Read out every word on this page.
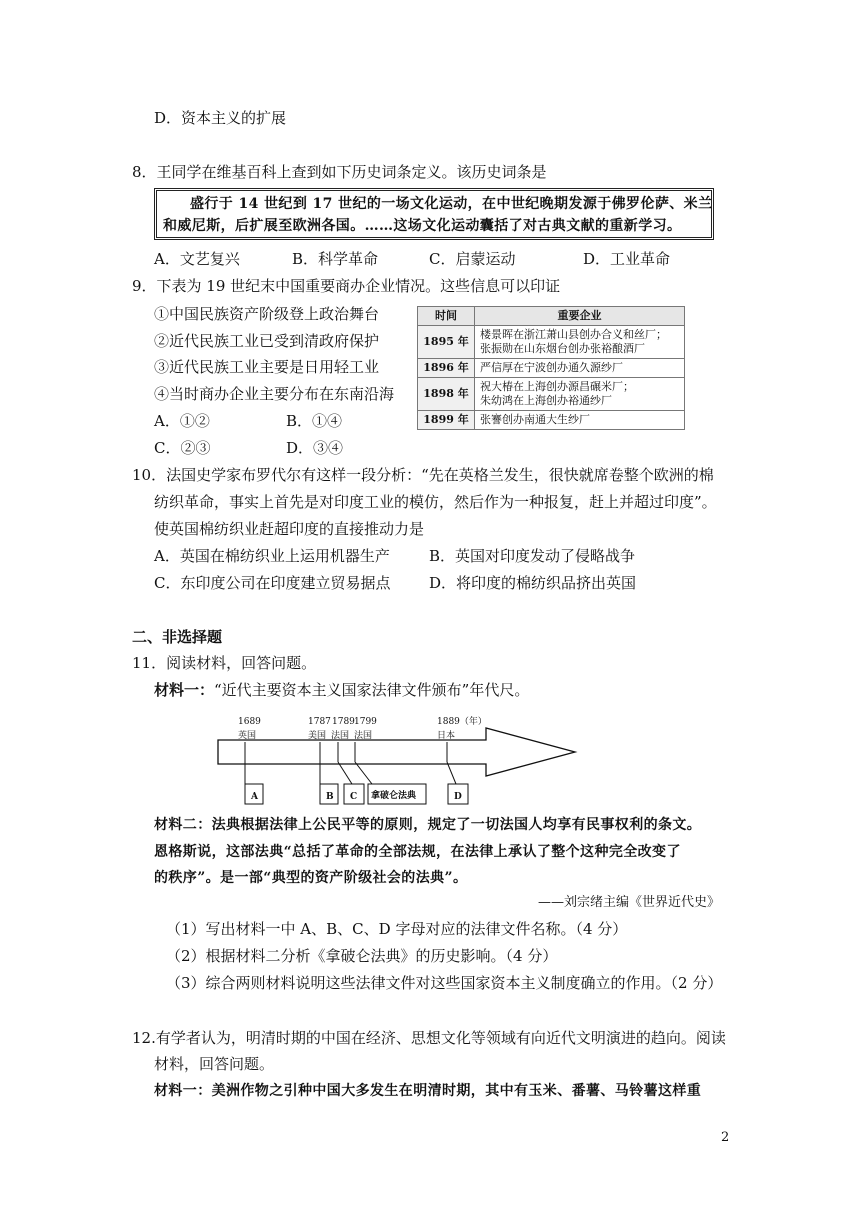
D．资本主义的扩展
8．王同学在维基百科上查到如下历史词条定义。该历史词条是
盛行于 14 世纪到 17 世纪的一场文化运动，在中世纪晚期发源于佛罗伦萨、米兰
和威尼斯，后扩展至欧洲各国。……这场文化运动囊括了对古典文献的重新学习。
A．文艺复兴	B．科学革命	C．启蒙运动	D．工业革命
9．下表为 19 世纪末中国重要商办企业情况。这些信息可以印证
①中国民族资产阶级登上政治舞台
②近代民族工业已受到清政府保护
③近代民族工业主要是日用轻工业
④当时商办企业主要分布在东南沿海
A．①②	B．①④
C．②③	D．③④
时间	重要企业
1895 年	楼景晖在浙江萧山县创办合义和丝厂；
张振勋在山东烟台创办张裕酿酒厂

1896 年	严信厚在宁波创办通久源纱厂

1898 年	祝大椿在上海创办源昌碾米厂；
朱幼鸿在上海创办裕通纱厂

1899 年	张謇创办南通大生纱厂
10．法国史学家布罗代尔有这样一段分析：“先在英格兰发生，很快就席卷整个欧洲的棉
纺织革命，事实上首先是对印度工业的模仿，然后作为一种报复，赶上并超过印度”。
使英国棉纺织业赶超印度的直接推动力是
A．英国在棉纺织业上运用机器生产	B．英国对印度发动了侵略战争
C．东印度公司在印度建立贸易据点	D．将印度的棉纺织品挤出英国
二、非选择题
11．阅读材料，回答问题。
材料一：“近代主要资本主义国家法律文件颁布”年代尺。
1689	1787 1789 1799	1889（年）
英国	美国 法国 法国	日本
A	B C 拿破仑法典	D
材料二：法典根据法律上公民平等的原则，规定了一切法国人均享有民事权利的条文。
恩格斯说，这部法典“总括了革命的全部法规，在法律上承认了整个这种完全改变了
的秩序”。是一部“典型的资产阶级社会的法典”。
——刘宗绪主编《世界近代史》
（1）写出材料一中 A、B、C、D 字母对应的法律文件名称。（4 分）
（2）根据材料二分析《拿破仑法典》的历史影响。（4 分）
（3）综合两则材料说明这些法律文件对这些国家资本主义制度确立的作用。（2 分）
12.有学者认为，明清时期的中国在经济、思想文化等领域有向近代文明演进的趋向。阅读
材料，回答问题。
材料一：美洲作物之引种中国大多发生在明清时期，其中有玉米、番薯、马铃薯这样重
2
